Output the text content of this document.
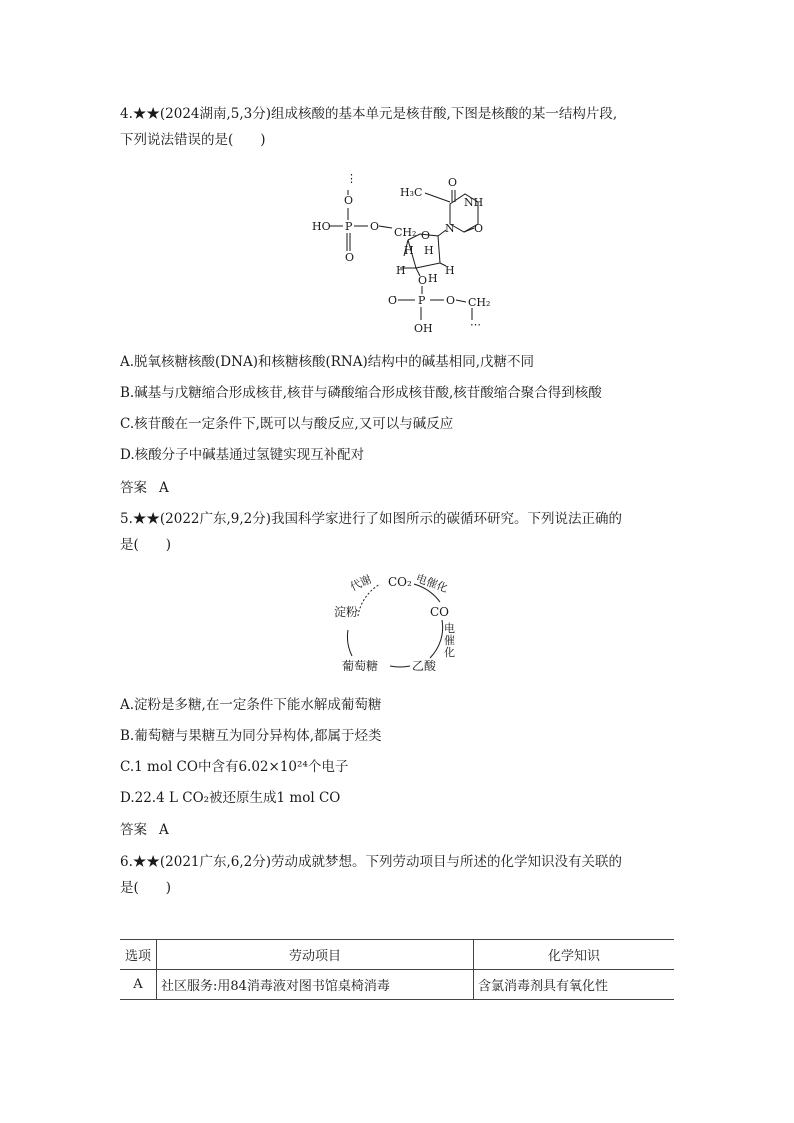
4.★★(2024湖南,5,3分)组成核酸的基本单元是核苷酸,下图是核酸的某一结构片段,
下列说法错误的是(　　)
⋮
O
HO P O
O
CH₂ O
H H
H
H
H
N
NH
O
O
H₃C
O
O P O CH₂
OH	⋯
A.脱氧核糖核酸(DNA)和核糖核酸(RNA)结构中的碱基相同,戊糖不同
B.碱基与戊糖缩合形成核苷,核苷与磷酸缩合形成核苷酸,核苷酸缩合聚合得到核酸
C.核苷酸在一定条件下,既可以与酸反应,又可以与碱反应
D.核酸分子中碱基通过氢键实现互补配对
答案 A
5.★★(2022广东,9,2分)我国科学家进行了如图所示的碳循环研究。下列说法正确的
是(　　)
CO₂
CO
乙酸
葡萄糖
淀粉
代谢	电催化
电
催
化
电催化
A.淀粉是多糖,在一定条件下能水解成葡萄糖
B.葡萄糖与果糖互为同分异构体,都属于烃类
C.1 mol CO中含有6.02×10²⁴个电子
D.22.4 L CO₂被还原生成1 mol CO
答案 A
6.★★(2021广东,6,2分)劳动成就梦想。下列劳动项目与所述的化学知识没有关联的
是(　　)
选项	劳动项目	化学知识
A	社区服务:用84消毒液对图书馆桌椅消毒	含氯消毒剂具有氧化性
